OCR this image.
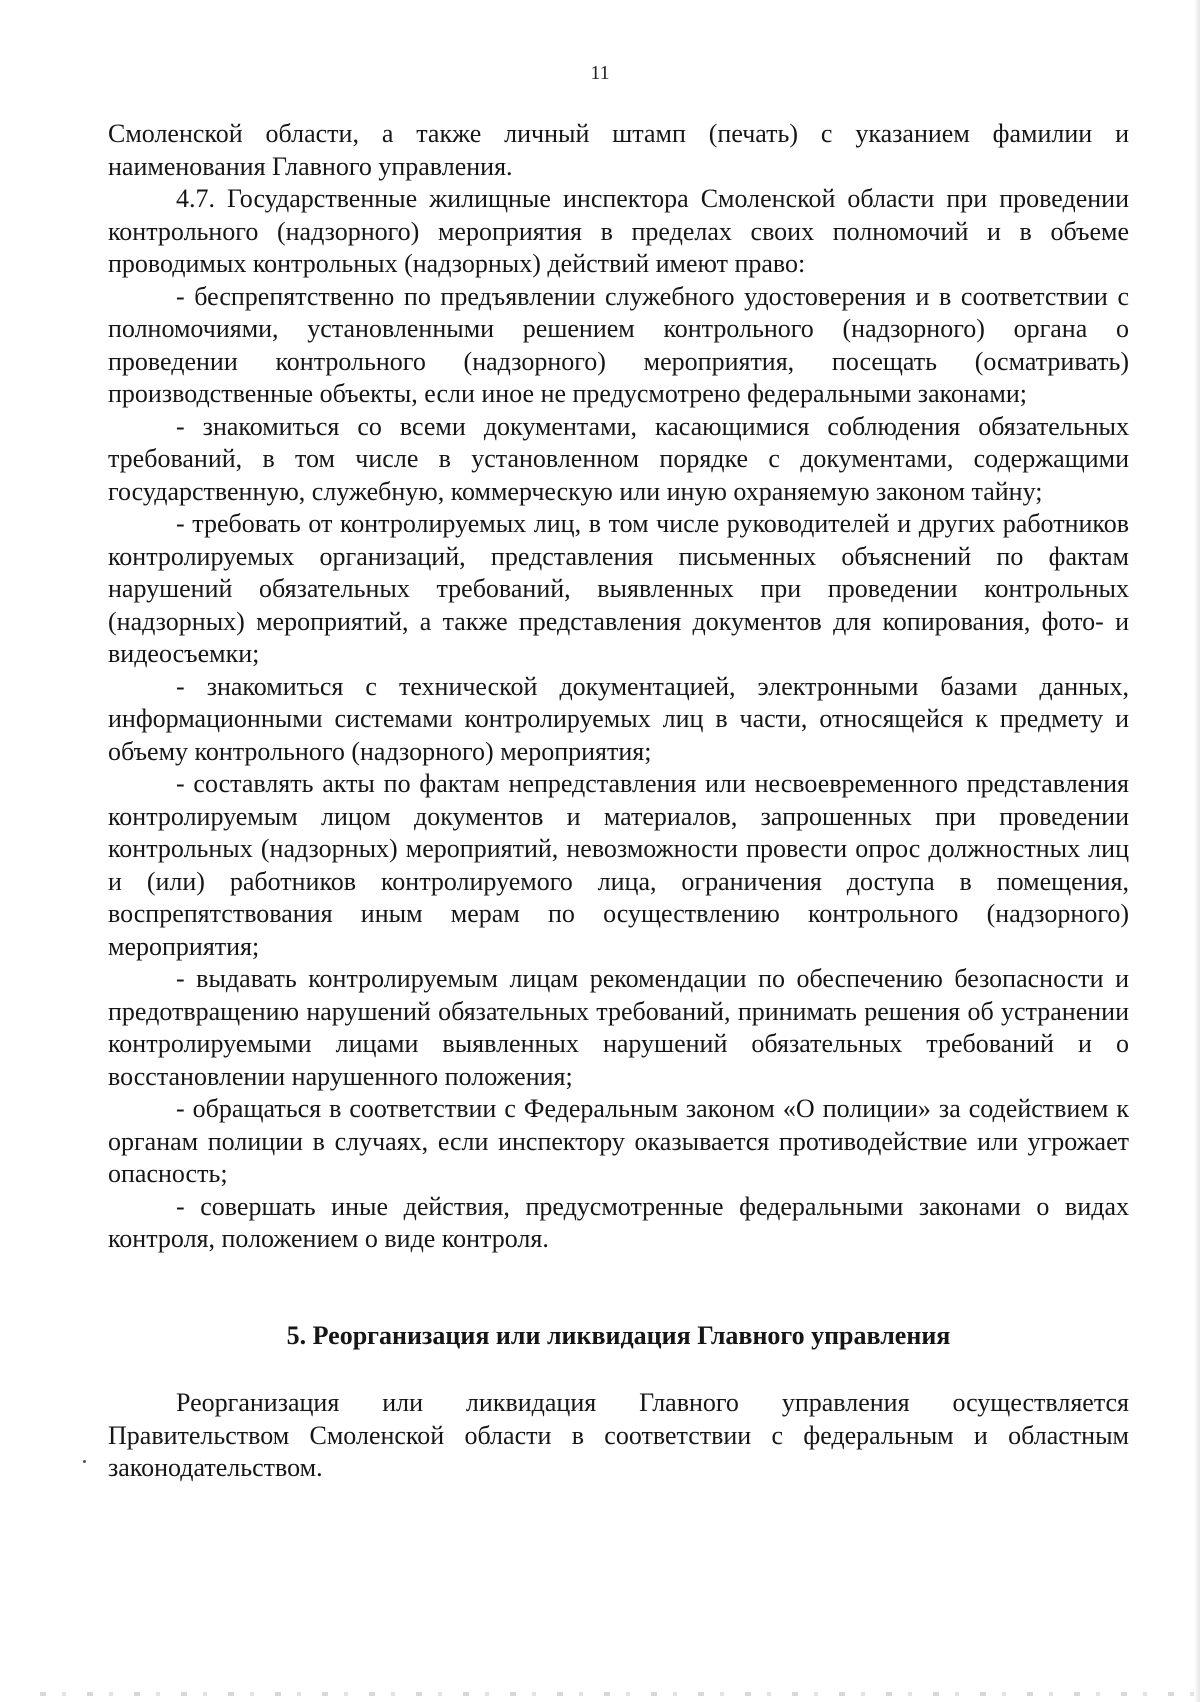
11

Смоленской области, а также личный штамп (печать) с указанием фамилии и наименования Главного управления.

4.7. Государственные жилищные инспектора Смоленской области при проведении контрольного (надзорного) мероприятия в пределах своих полномочий и в объеме проводимых контрольных (надзорных) действий имеют право:

- беспрепятственно по предъявлении служебного удостоверения и в соответствии с полномочиями, установленными решением контрольного (надзорного) органа о проведении контрольного (надзорного) мероприятия, посещать (осматривать) производственные объекты, если иное не предусмотрено федеральными законами;

- знакомиться со всеми документами, касающимися соблюдения обязательных требований, в том числе в установленном порядке с документами, содержащими государственную, служебную, коммерческую или иную охраняемую законом тайну;

- требовать от контролируемых лиц, в том числе руководителей и других работников контролируемых организаций, представления письменных объяснений по фактам нарушений обязательных требований, выявленных при проведении контрольных (надзорных) мероприятий, а также представления документов для копирования, фото- и видеосъемки;

- знакомиться с технической документацией, электронными базами данных, информационными системами контролируемых лиц в части, относящейся к предмету и объему контрольного (надзорного) мероприятия;

- составлять акты по фактам непредставления или несвоевременного представления контролируемым лицом документов и материалов, запрошенных при проведении контрольных (надзорных) мероприятий, невозможности провести опрос должностных лиц и (или) работников контролируемого лица, ограничения доступа в помещения, воспрепятствования иным мерам по осуществлению контрольного (надзорного) мероприятия;

- выдавать контролируемым лицам рекомендации по обеспечению безопасности и предотвращению нарушений обязательных требований, принимать решения об устранении контролируемыми лицами выявленных нарушений обязательных требований и о восстановлении нарушенного положения;

- обращаться в соответствии с Федеральным законом «О полиции» за содействием к органам полиции в случаях, если инспектору оказывается противодействие или угрожает опасность;

- совершать иные действия, предусмотренные федеральными законами о видах контроля, положением о виде контроля.

5. Реорганизация или ликвидация Главного управления

Реорганизация или ликвидация Главного управления осуществляется Правительством Смоленской области в соответствии с федеральным и областным законодательством.
